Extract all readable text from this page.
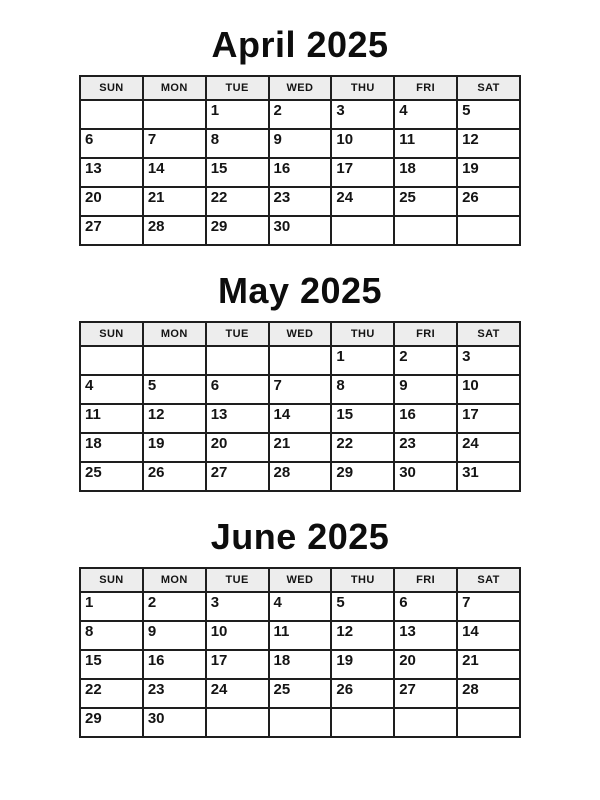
April 2025
SUN	MON	TUE	WED	THU	FRI	SAT
		1	2	3	4	5
6	7	8	9	10	11	12
13	14	15	16	17	18	19
20	21	22	23	24	25	26
27	28	29	30			
May 2025
SUN	MON	TUE	WED	THU	FRI	SAT
				1	2	3
4	5	6	7	8	9	10
11	12	13	14	15	16	17
18	19	20	21	22	23	24
25	26	27	28	29	30	31
June 2025
SUN	MON	TUE	WED	THU	FRI	SAT
1	2	3	4	5	6	7
8	9	10	11	12	13	14
15	16	17	18	19	20	21
22	23	24	25	26	27	28
29	30					
